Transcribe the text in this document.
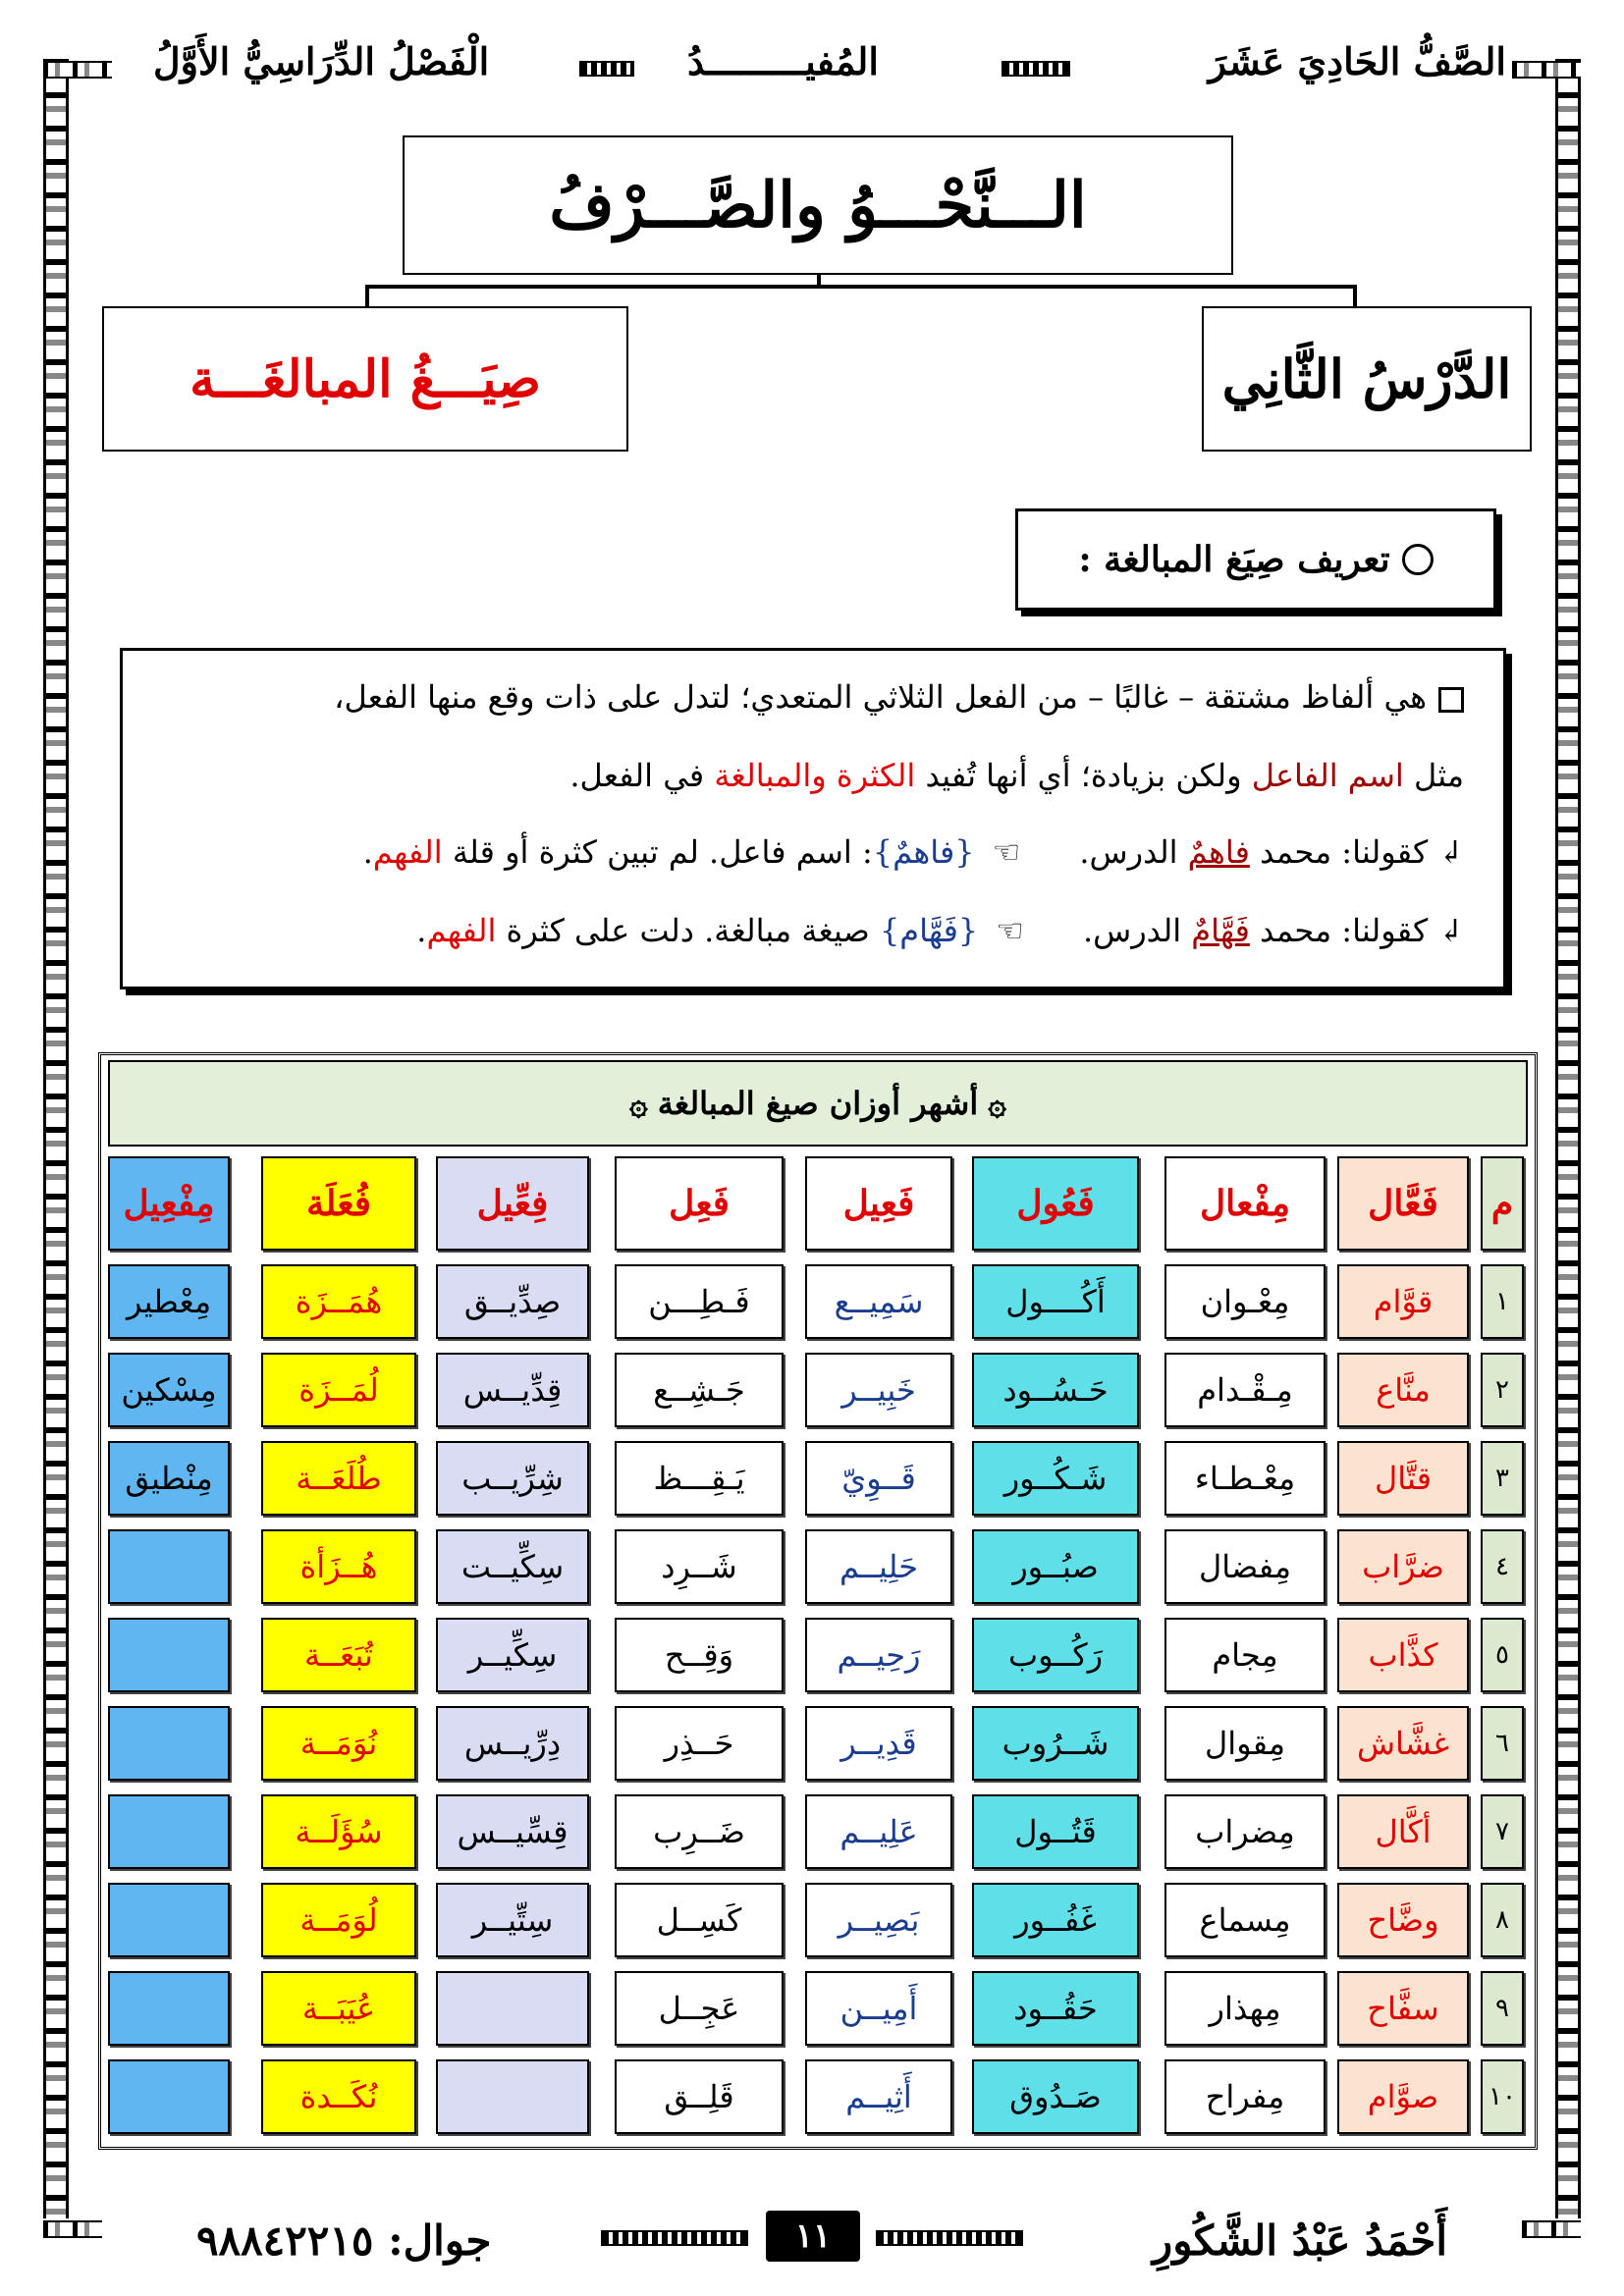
الصَّفُّ الحَادِيَ عَشَرَ
المُفيـــــــــدُ
الْفَصْلُ الدِّرَاسِيُّ الأَوَّلُ
الـــنَّحْـــوُ والصَّـــرْفُ
الدَّرْسُ الثَّانِي
صِيَـــغُ المبالغَـــة
تعريف صِيَغ المبالغة :
هي ألفاظ مشتقة – غالبًا – من الفعل الثلاثي المتعدي؛ لتدل على ذات وقع منها الفعل،
مثل اسم الفاعل ولكن بزيادة؛ أي أنها تُفيد الكثرة والمبالغة في الفعل.
↲كقولنا: محمد فاهمٌ الدرس.☜{فاهمٌ}: اسم فاعل. لم تبين كثرة أو قلة الفهم.
↲كقولنا: محمد فَهَّامٌ الدرس.☜{فَهَّام} صيغة مبالغة. دلت على كثرة الفهم.
۞
أشهر أوزان صيغ المبالغة
۞
م
١
٢
٣
٤
٥
٦
٧
٨
٩
١٠
فَعَّال
قوَّام
منَّاع
قتَّال
ضرَّاب
كذَّاب
غشَّاش
أكَّال
وضَّاح
سفَّاح
صوَّام
مِفْعال
مِعْـوان
مِـقْـدام
مِعْـطـاء
مِفضال
مِجام
مِقوال
مِضراب
مِسماع
مِهذار
مِفراح
فَعُول
أَكُــــول
حَـسُــود
شَـكُــور
صبُــور
رَكُــوب
شَــرُوب
قَتُــول
غَفُــور
حَقُــود
صَـدُوق
فَعِيل
سَمِيــع
خَبِيــر
قَــوِيّ
حَلِيــم
رَحِيــم
قَدِيــر
عَلِيــم
بَصِيــر
أَمِيــن
أَثِيــم
فَعِل
فَـطِـــن
جَـشِــع
يَـقِـــظ
شَــرِد
وَقِــح
حَــذِر
ضَــرِب
كَسِــل
عَجِــل
قَلِــق
فِعِّيل
صِدِّيــق
قِدِّيــس
شِرِّيــب
سِكِّيــت
سِكِّيــر
دِرِّيــس
قِسِّيــس
سِتِّيــر
فُعَلَة
هُمَــزَة
لُمَــزَة
طُلَعَــة
هُــزَأة
تُبَعَــة
نُوَمَــة
سُؤَلَــة
لُوَمَــة
عُيَبَــة
نُكَــدة
مِفْعِيل
مِعْطير
مِسْكين
مِنْطيق
أَحْمَدُ عَبْدُ الشَّكُورِ
١١
جوال: ٩٨٨٤٢٢١٥
